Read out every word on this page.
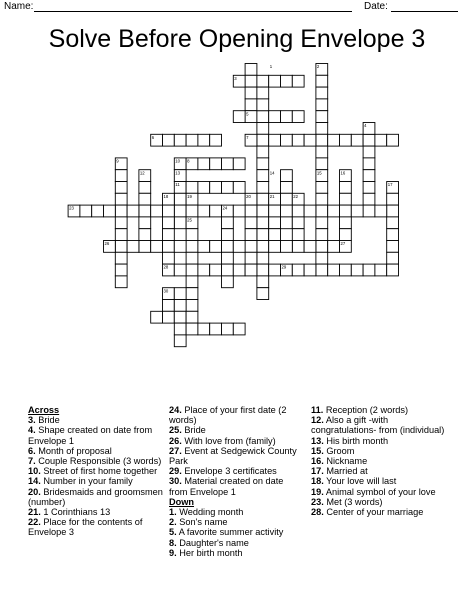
Name:	Date:
Solve Before Opening Envelope 3
1	2
3
4
5
6	7
8
9	10
11
12	13	14	15	16
17
18	19	20	21	22
23	24
25
26	27
28	29
30
Across
3. Bride
4. Shape created on date from Envelope 1
6. Month of proposal
7. Couple Responsible (3 words)
10. Street of first home together
14. Number in your family
20. Bridesmaids and groomsmen (number)
21. 1 Corinthians 13
22. Place for the contents of Envelope 3
24. Place of your first date (2 words)
25. Bride
26. With love from (family)
27. Event at Sedgewick County Park
29. Envelope 3 certificates
30. Material created on date from Envelope 1
Down
1. Wedding month
2. Son's name
5. A favorite summer activity
8. Daughter's name
9. Her birth month
11. Reception (2 words)
12. Also a gift -with congratulations- from (individual)
13. His birth month
15. Groom
16. Nickname
17. Married at
18. Your love will last
19. Animal symbol of your love
23. Met (3 words)
28. Center of your marriage
